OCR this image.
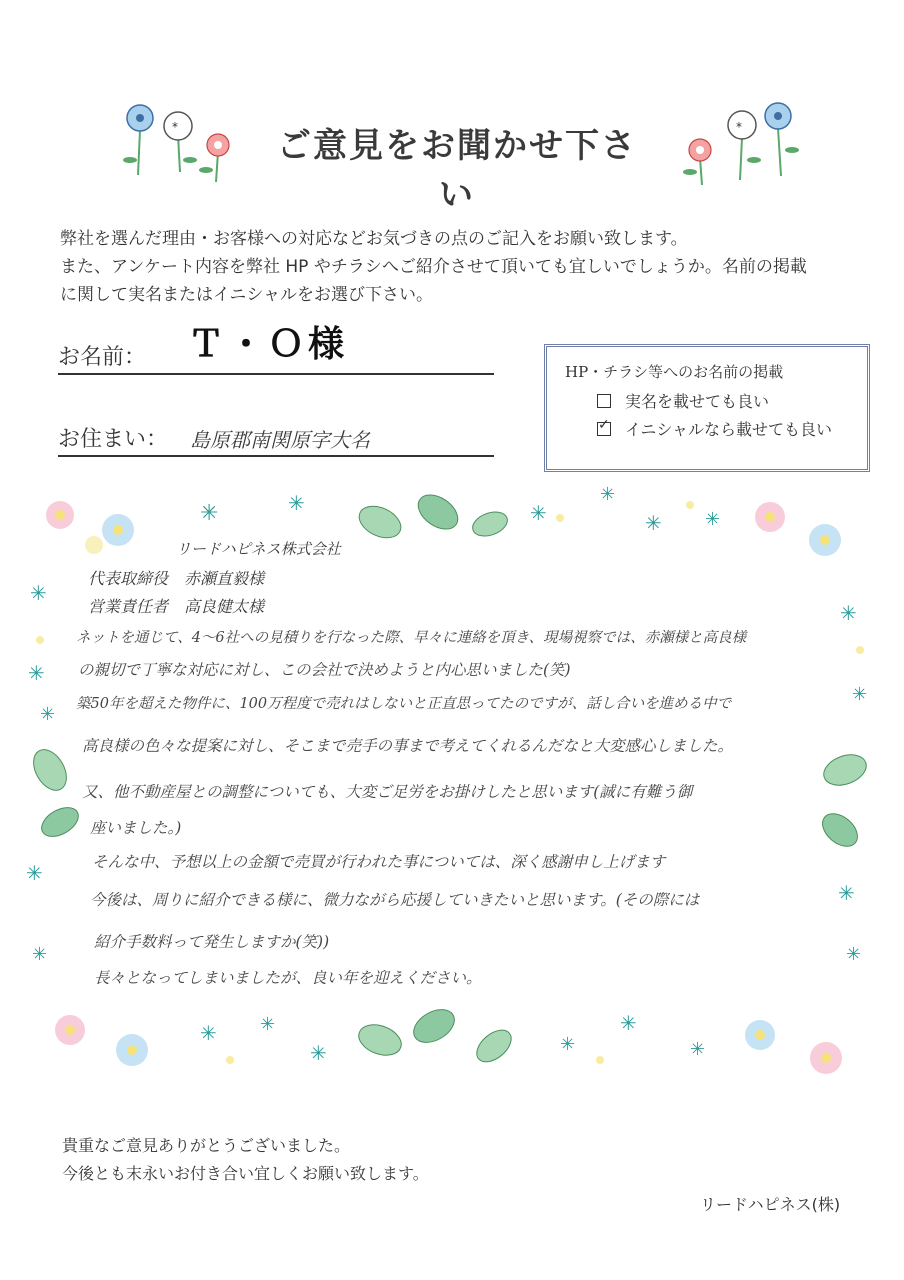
*	*
✳	✳	✳
✳
✳ ✳
✳
✳
✳
✳
✳
✳
✳
✳
✳
✳ ✳
✳	✳
✳
✳
ご意見をお聞かせ下さい
弊社を選んだ理由・お客様への対応などお気づきの点のご記入をお願い致します。
また、アンケート内容を弊社 HP やチラシへご紹介させて頂いても宜しいでしょうか。名前の掲載
に関して実名またはイニシャルをお選び下さい。
お名前： Ｔ・Ｏ様
お住まい： 島原郡南関原字大名
HP・チラシ等へのお名前の掲載
実名を載せても良い
✓ イニシャルなら載せても良い
リードハピネス株式会社
代表取締役　赤瀬直毅様
営業責任者　高良健太様
ネットを通じて、4～6社への見積りを行なった際、早々に連絡を頂き、現場視察では、赤瀬様と高良様
の親切で丁寧な対応に対し、この会社で決めようと内心思いました(笑)
築50年を超えた物件に、100万程度で売れはしないと正直思ってたのですが、話し合いを進める中で
高良様の色々な提案に対し、そこまで売手の事まで考えてくれるんだなと大変感心しました。
又、他不動産屋との調整についても、大変ご足労をお掛けしたと思います(誠に有難う御
座いました。)
そんな中、予想以上の金額で売買が行われた事については、深く感謝申し上げます
今後は、周りに紹介できる様に、微力ながら応援していきたいと思います。(その際には
紹介手数料って発生しますか(笑))
長々となってしまいましたが、良い年を迎えください。
貴重なご意見ありがとうございました。
今後とも末永いお付き合い宜しくお願い致します。
リードハピネス(株)
